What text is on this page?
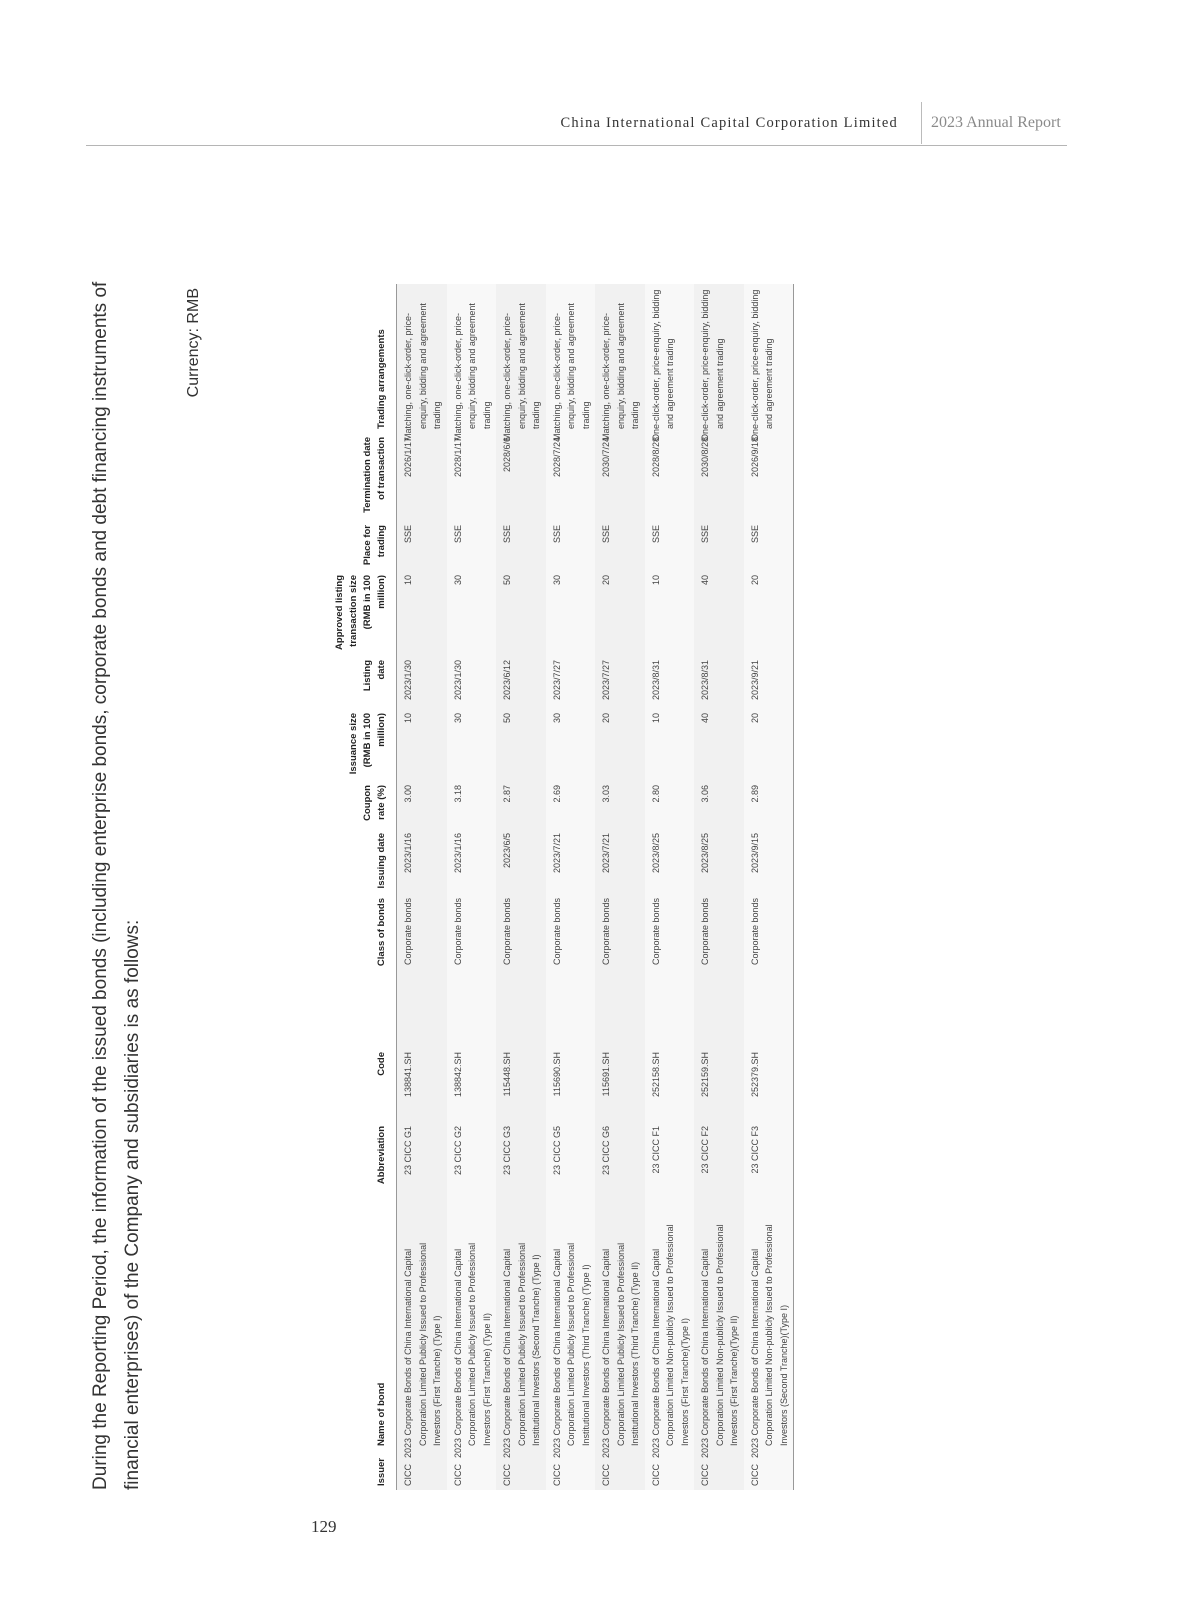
China International Capital Corporation Limited 2023 Annual Report

During the Reporting Period, the information of the issued bonds (including enterprise bonds, corporate bonds and debt financing instruments of financial enterprises) of the Company and subsidiaries is as follows:

Currency: RMB
Issuer	Name of bond	Abbreviation	Code	Class of bonds	Issuing date	Coupon rate (%)	Issuance size (RMB in 100 million)	Listing date	Approved listing transaction size (RMB in 100 million)	Place for trading	Termination date of transaction	Trading arrangements
CICC	2023 Corporate Bonds of China International Capital Corporation Limited Publicly Issued to Professional Investors (First Tranche) (Type I)	23 CICC G1	138841.SH	Corporate bonds	2023/1/16	3.00	10	2023/1/30	10	SSE	2026/1/17	Matching, one-click-order, price-enquiry, bidding and agreement trading
CICC	2023 Corporate Bonds of China International Capital Corporation Limited Publicly Issued to Professional Investors (First Tranche) (Type II)	23 CICC G2	138842.SH	Corporate bonds	2023/1/16	3.18	30	2023/1/30	30	SSE	2028/1/17	Matching, one-click-order, price-enquiry, bidding and agreement trading
CICC	2023 Corporate Bonds of China International Capital Corporation Limited Publicly Issued to Professional Institutional Investors (Second Tranche) (Type I)	23 CICC G3	115448.SH	Corporate bonds	2023/6/5	2.87	50	2023/6/12	50	SSE	2028/6/6	Matching, one-click-order, price-enquiry, bidding and agreement trading
CICC	2023 Corporate Bonds of China International Capital Corporation Limited Publicly Issued to Professional Institutional Investors (Third Tranche) (Type I)	23 CICC G5	115690.SH	Corporate bonds	2023/7/21	2.69	30	2023/7/27	30	SSE	2028/7/24	Matching, one-click-order, price-enquiry, bidding and agreement trading
CICC	2023 Corporate Bonds of China International Capital Corporation Limited Publicly Issued to Professional Institutional Investors (Third Tranche) (Type II)	23 CICC G6	115691.SH	Corporate bonds	2023/7/21	3.03	20	2023/7/27	20	SSE	2030/7/24	Matching, one-click-order, price-enquiry, bidding and agreement trading
CICC	2023 Corporate Bonds of China International Capital Corporation Limited Non-publicly Issued to Professional Investors (First Tranche)(Type I)	23 CICC F1	252158.SH	Corporate bonds	2023/8/25	2.80	10	2023/8/31	10	SSE	2028/8/28	One-click-order, price-enquiry, bidding and agreement trading
CICC	2023 Corporate Bonds of China International Capital Corporation Limited Non-publicly Issued to Professional Investors (First Tranche)(Type II)	23 CICC F2	252159.SH	Corporate bonds	2023/8/25	3.06	40	2023/8/31	40	SSE	2030/8/28	One-click-order, price-enquiry, bidding and agreement trading
CICC	2023 Corporate Bonds of China International Capital Corporation Limited Non-publicly Issued to Professional Investors (Second Tranche)(Type I)	23 CICC F3	252379.SH	Corporate bonds	2023/9/15	2.89	20	2023/9/21	20	SSE	2026/9/18	One-click-order, price-enquiry, bidding and agreement trading
129
